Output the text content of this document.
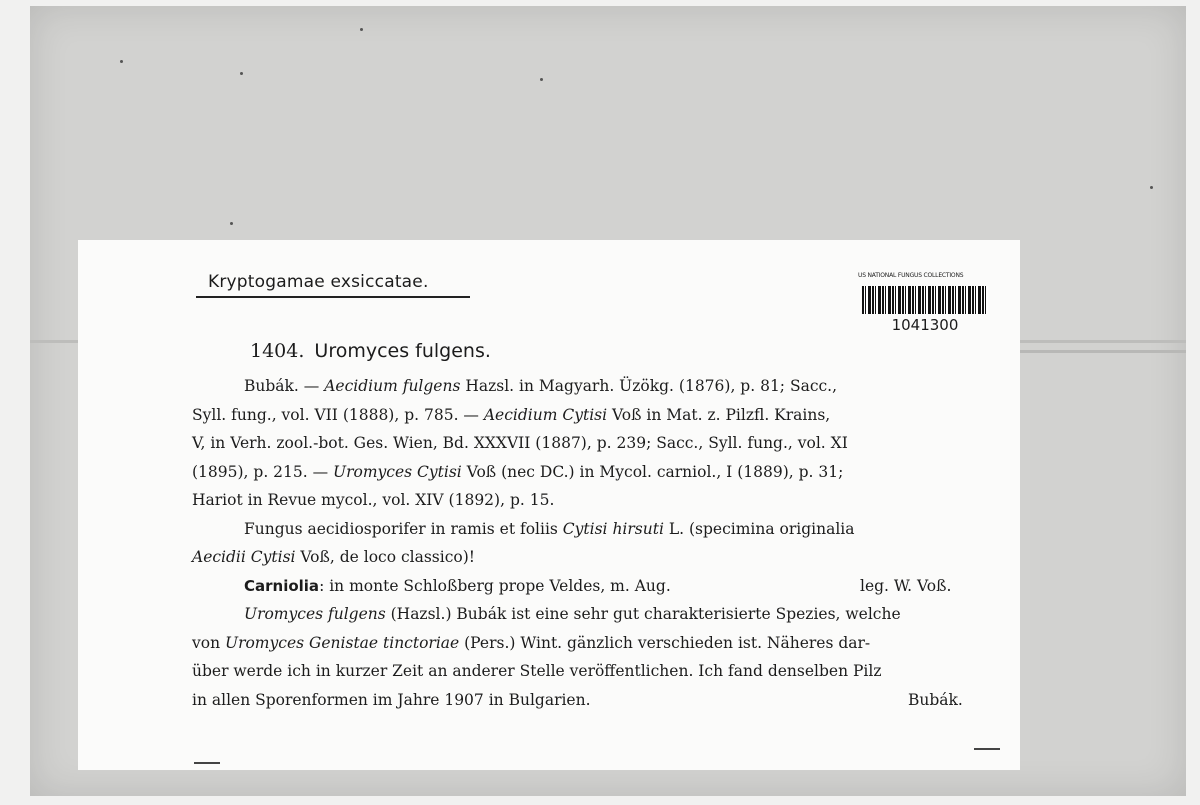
Kryptogamae exsiccatae.	US NATIONAL FUNGUS COLLECTIONS
1041300
1404. Uromyces fulgens.
Bubák. — Aecidium fulgens Hazsl. in Magyarh. Üzökg. (1876), p. 81; Sacc.,
Syll. fung., vol. VII (1888), p. 785. — Aecidium Cytisi Voß in Mat. z. Pilzfl. Krains,
V, in Verh. zool.-bot. Ges. Wien, Bd. XXXVII (1887), p. 239; Sacc., Syll. fung., vol. XI
(1895), p. 215. — Uromyces Cytisi Voß (nec DC.) in Mycol. carniol., I (1889), p. 31;
Hariot in Revue mycol., vol. XIV (1892), p. 15.
Fungus aecidiosporifer in ramis et foliis Cytisi hirsuti L. (specimina originalia
Aecidii Cytisi Voß, de loco classico)!
Carniolia: in monte Schloßberg prope Veldes, m. Aug.	leg. W. Voß.
Uromyces fulgens (Hazsl.) Bubák ist eine sehr gut charakterisierte Spezies, welche
von Uromyces Genistae tinctoriae (Pers.) Wint. gänzlich verschieden ist. Näheres dar-
über werde ich in kurzer Zeit an anderer Stelle veröffentlichen. Ich fand denselben Pilz
in allen Sporenformen im Jahre 1907 in Bulgarien.	Bubák.
